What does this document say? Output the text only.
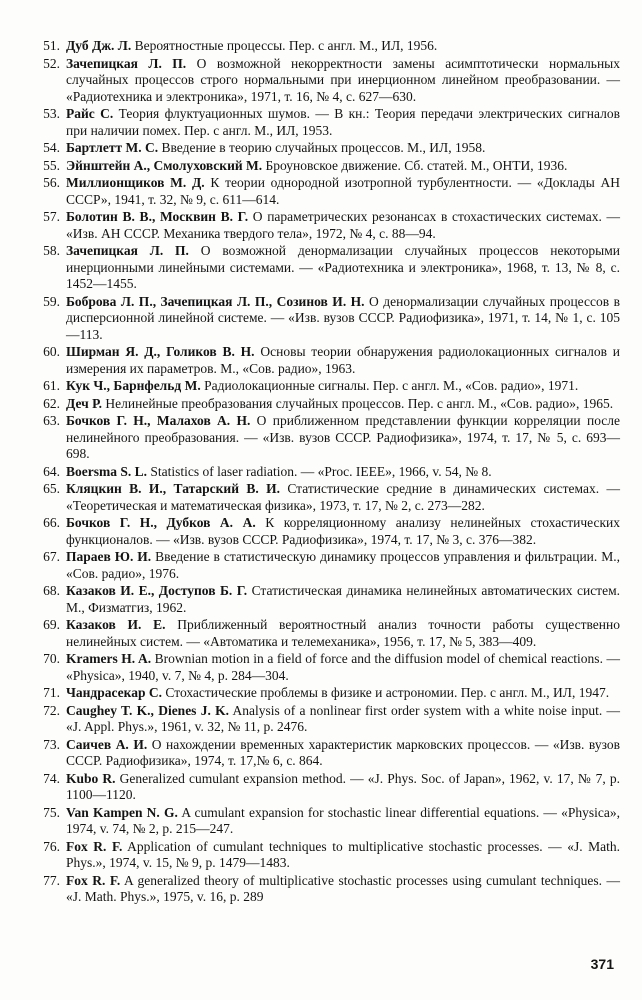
51. Дуб Дж. Л. Вероятностные процессы. Пер. с англ. М., ИЛ, 1956.
52. Зачепицкая Л. П. О возможной некорректности замены асимптотически нормальных случайных процессов строго нормальными при инерционном линейном преобразовании. — «Радиотехника и электроника», 1971, т. 16, № 4, с. 627—630.
53. Райс С. Теория флуктуационных шумов. — В кн.: Теория передачи электрических сигналов при наличии помех. Пер. с англ. М., ИЛ, 1953.
54. Бартлетт М. С. Введение в теорию случайных процессов. М., ИЛ, 1958.
55. Эйнштейн А., Смолуховский М. Броуновское движение. Сб. статей. М., ОНТИ, 1936.
56. Миллионщиков М. Д. К теории однородной изотропной турбулентности. — «Доклады АН СССР», 1941, т. 32, № 9, с. 611—614.
57. Болотин В. В., Москвин В. Г. О параметрических резонансах в стохастических системах. — «Изв. АН СССР. Механика твердого тела», 1972, № 4, с. 88—94.
58. Зачепицкая Л. П. О возможной денормализации случайных процессов некоторыми инерционными линейными системами. — «Радиотехника и электроника», 1968, т. 13, № 8, с. 1452—1455.
59. Боброва Л. П., Зачепицкая Л. П., Созинов И. Н. О денормализации случайных процессов в дисперсионной линейной системе. — «Изв. вузов СССР. Радиофизика», 1971, т. 14, № 1, с. 105—113.
60. Ширман Я. Д., Голиков В. Н. Основы теории обнаружения радиолокационных сигналов и измерения их параметров. М., «Сов. радио», 1963.
61. Кук Ч., Барнфельд М. Радиолокационные сигналы. Пер. с англ. М., «Сов. радио», 1971.
62. Деч Р. Нелинейные преобразования случайных процессов. Пер. с англ. М., «Сов. радио», 1965.
63. Бочков Г. Н., Малахов А. Н. О приближенном представлении функции корреляции после нелинейного преобразования. — «Изв. вузов СССР. Радиофизика», 1974, т. 17, № 5, с. 693—698.
64. Boersma S. L. Statistics of laser radiation. — «Proc. IEEE», 1966, v. 54, № 8.
65. Кляцкин В. И., Татарский В. И. Статистические средние в динамических системах. — «Теоретическая и математическая физика», 1973, т. 17, № 2, с. 273—282.
66. Бочков Г. Н., Дубков А. А. К корреляционному анализу нелинейных стохастических функционалов. — «Изв. вузов СССР. Радиофизика», 1974, т. 17, № 3, с. 376—382.
67. Параев Ю. И. Введение в статистическую динамику процессов управления и фильтрации. М., «Сов. радио», 1976.
68. Казаков И. Е., Доступов Б. Г. Статистическая динамика нелинейных автоматических систем. М., Физматгиз, 1962.
69. Казаков И. Е. Приближенный вероятностный анализ точности работы существенно нелинейных систем. — «Автоматика и телемеханика», 1956, т. 17, № 5, 383—409.
70. Kramers H. A. Brownian motion in a field of force and the diffusion model of chemical reactions. — «Physica», 1940, v. 7, № 4, p. 284—304.
71. Чандрасекар С. Стохастические проблемы в физике и астрономии. Пер. с англ. М., ИЛ, 1947.
72. Caughey T. K., Dienes J. K. Analysis of a nonlinear first order system with a white noise input. — «J. Appl. Phys.», 1961, v. 32, № 11, p. 2476.
73. Саичев А. И. О нахождении временных характеристик марковских процессов. — «Изв. вузов СССР. Радиофизика», 1974, т. 17,№ 6, с. 864.
74. Kubo R. Generalized cumulant expansion method. — «J. Phys. Soc. of Japan», 1962, v. 17, № 7, p. 1100—1120.
75. Van Kampen N. G. A cumulant expansion for stochastic linear differential equations. — «Physica», 1974, v. 74, № 2, p. 215—247.
76. Fox R. F. Application of cumulant techniques to multiplicative stochastic processes. — «J. Math. Phys.», 1974, v. 15, № 9, p. 1479—1483.
77. Fox R. F. A generalized theory of multiplicative stochastic processes using cumulant techniques. — «J. Math. Phys.», 1975, v. 16, p. 289
371
